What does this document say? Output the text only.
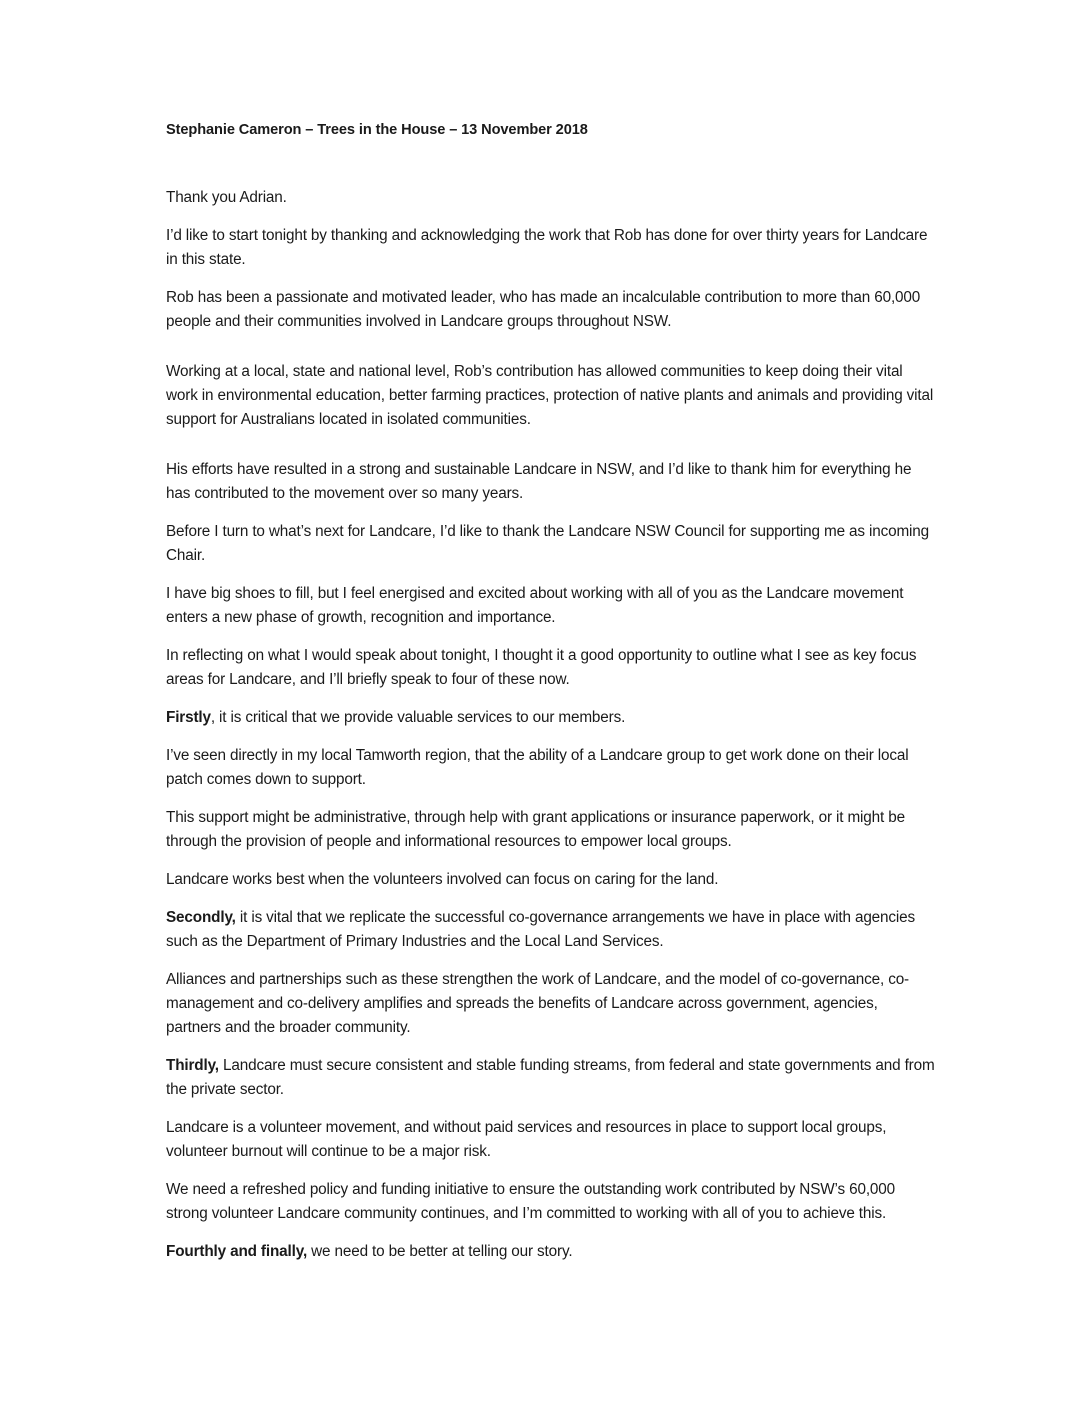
Stephanie Cameron – Trees in the House – 13 November 2018

Thank you Adrian.

I’d like to start tonight by thanking and acknowledging the work that Rob has done for over thirty years for Landcare in this state.

Rob has been a passionate and motivated leader, who has made an incalculable contribution to more than 60,000 people and their communities involved in Landcare groups throughout NSW.

Working at a local, state and national level, Rob’s contribution has allowed communities to keep doing their vital work in environmental education, better farming practices, protection of native plants and animals and providing vital support for Australians located in isolated communities.

His efforts have resulted in a strong and sustainable Landcare in NSW, and I’d like to thank him for everything he has contributed to the movement over so many years.

Before I turn to what’s next for Landcare, I’d like to thank the Landcare NSW Council for supporting me as incoming Chair.

I have big shoes to fill, but I feel energised and excited about working with all of you as the Landcare movement enters a new phase of growth, recognition and importance.

In reflecting on what I would speak about tonight, I thought it a good opportunity to outline what I see as key focus areas for Landcare, and I’ll briefly speak to four of these now.

Firstly, it is critical that we provide valuable services to our members.

I’ve seen directly in my local Tamworth region, that the ability of a Landcare group to get work done on their local patch comes down to support.

This support might be administrative, through help with grant applications or insurance paperwork, or it might be through the provision of people and informational resources to empower local groups.

Landcare works best when the volunteers involved can focus on caring for the land.

Secondly, it is vital that we replicate the successful co-governance arrangements we have in place with agencies such as the Department of Primary Industries and the Local Land Services.

Alliances and partnerships such as these strengthen the work of Landcare, and the model of co-governance, co-management and co-delivery amplifies and spreads the benefits of Landcare across government, agencies, partners and the broader community.

Thirdly, Landcare must secure consistent and stable funding streams, from federal and state governments and from the private sector.

Landcare is a volunteer movement, and without paid services and resources in place to support local groups, volunteer burnout will continue to be a major risk.

We need a refreshed policy and funding initiative to ensure the outstanding work contributed by NSW’s 60,000 strong volunteer Landcare community continues, and I’m committed to working with all of you to achieve this.

Fourthly and finally, we need to be better at telling our story.
